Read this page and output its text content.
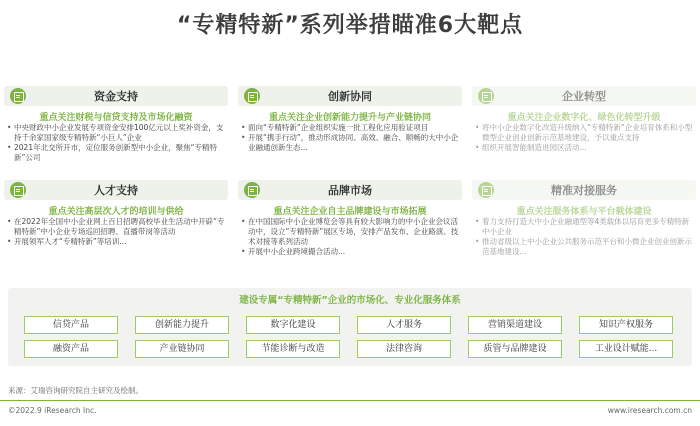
“专精特新”系列举措瞄准6大靶点
资金支持
重点关注财税与信贷支持及市场化融资
• 中央财政中小企业发展专项资金安排100亿元以上奖补资金，支持千余家国家级专精特新“小巨人”企业
• 2021年北交所开市，定位服务创新型中小企业，聚焦“专精特新”公司
创新协同
重点关注企业创新能力提升与产业链协同
• 面向“专精特新”企业组织实施一批工程化应用验证项目
• 开展“携手行动”，推动形成协同、高效、融合、顺畅的大中小企业融通创新生态...
企业转型
重点关注企业数字化、绿色化转型升级
• 将中小企业数字化改造升级纳入“专精特新”企业培育体系和小型微型企业创业创新示范基地建设，予以重点支持
• 组织开展智能制造进园区活动...
人才支持
重点关注高层次人才的培训与供给
• 在2022年全国中小企业网上百日招聘高校毕业生活动中开辟“专精特新”中小企业专场巡回招聘、直播带岗等活动
• 开展领军人才“专精特新”等培训...
品牌市场
重点关注企业自主品牌建设与市场拓展
• 在中国国际中小企业博览会等具有较大影响力的中小企业会议活动中，设立“专精特新”展区专场，安排产品发布、企业路演、技术对接等系列活动
• 开展中小企业跨境撮合活动...
精准对接服务
重点关注服务体系与平台载体建设
• 着力支持打造大中小企业融通型等4类载体以培育更多专精特新中小企业
• 推动省级以上中小企业公共服务示范平台和小微企业创业创新示范基地建设...
建设专属“专精特新”企业的市场化、专业化服务体系
信贷产品	创新能力提升	数字化建设	人才服务	营销渠道建设	知识产权服务
融资产品	产业链协同	节能诊断与改造	法律咨询	质管与品牌建设	工业设计赋能...
来源：艾瑞咨询研究院自主研究及绘制。
©2022.9 iResearch Inc.	www.iresearch.com.cn
